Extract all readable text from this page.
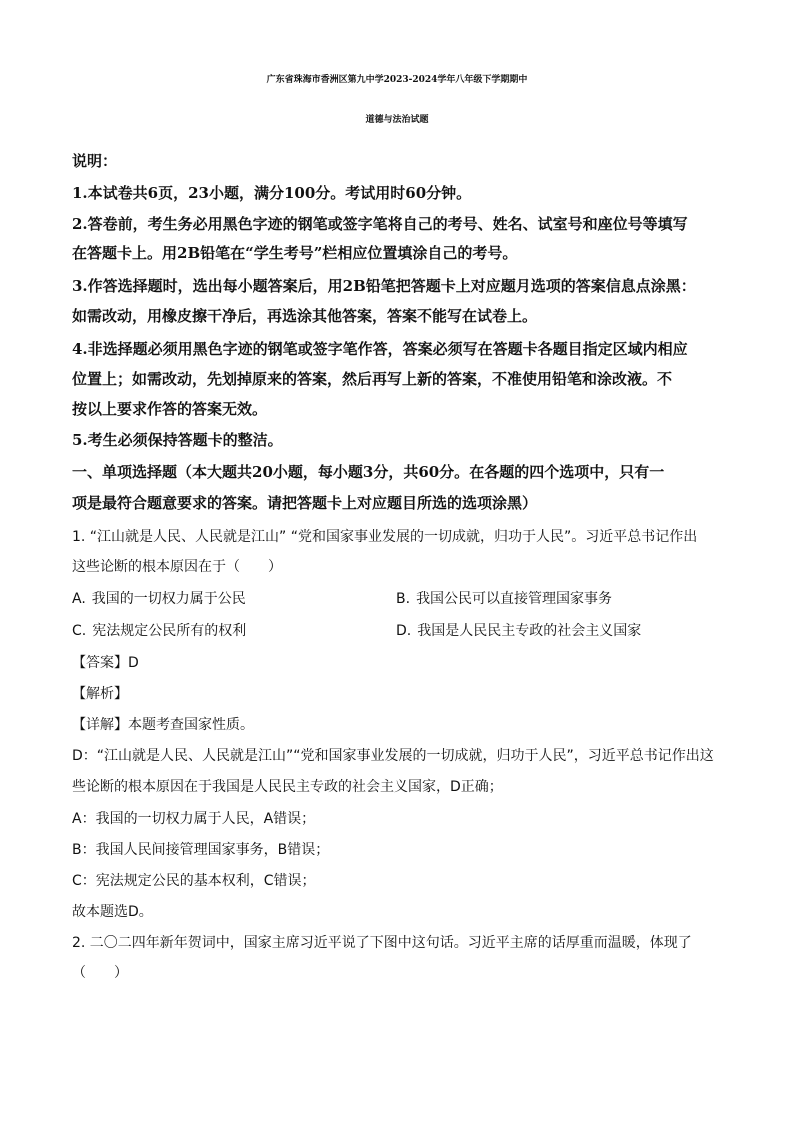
广东省珠海市香洲区第九中学2023-2024学年八年级下学期期中
道德与法治试题
说明：
1.本试卷共6页，23小题，满分100分。考试用时60分钟。
2.答卷前，考生务必用黑色字迹的钢笔或签字笔将自己的考号、姓名、试室号和座位号等填写
在答题卡上。用2B铅笔在“学生考号”栏相应位置填涂自己的考号。
3.作答选择题时，选出每小题答案后，用2B铅笔把答题卡上对应题月选项的答案信息点涂黑：
如需改动，用橡皮擦干净后，再选涂其他答案，答案不能写在试卷上。
4.非选择题必须用黑色字迹的钢笔或签字笔作答，答案必须写在答题卡各题目指定区域内相应
位置上；如需改动，先划掉原来的答案，然后再写上新的答案，不准使用铅笔和涂改液。不
按以上要求作答的答案无效。
5.考生必须保持答题卡的整洁。
一、单项选择题（本大题共20小题，每小题3分，共60分。在各题的四个选项中，只有一
项是最符合题意要求的答案。请把答题卡上对应题目所选的选项涂黑）
1. “江山就是人民、人民就是江山” “党和国家事业发展的一切成就，归功于人民”。习近平总书记作出
这些论断的根本原因在于（　　）
A. 我国的一切权力属于公民	B. 我国公民可以直接管理国家事务
C. 宪法规定公民所有的权利	D. 我国是人民民主专政的社会主义国家
【答案】D
【解析】
【详解】本题考查国家性质。
D：“江山就是人民、人民就是江山”“党和国家事业发展的一切成就，归功于人民”，习近平总书记作出这
些论断的根本原因在于我国是人民民主专政的社会主义国家，D正确；
A：我国的一切权力属于人民，A错误；
B：我国人民间接管理国家事务，B错误；
C：宪法规定公民的基本权利，C错误；
故本题选D。
2. 二〇二四年新年贺词中，国家主席习近平说了下图中这句话。习近平主席的话厚重而温暖，体现了
（　　）
